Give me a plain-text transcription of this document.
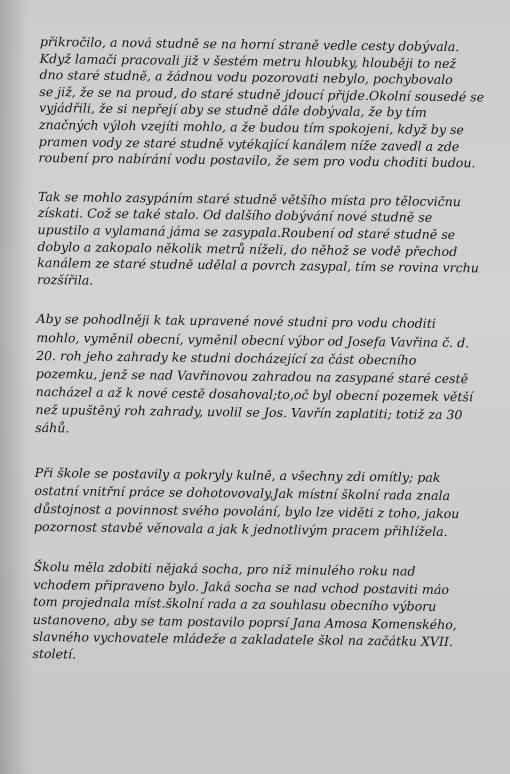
přikročilo, a nová studně se na horní straně vedle cesty dobývala.
Když lamači pracovali již v šestém metru hloubky, hlouběji to než
dno staré studně, a žádnou vodu pozorovati nebylo, pochybovalo
se již, že se na proud, do staré studně jdoucí přijde.Okolní sousedé se
vyjádřili, že si nepřejí aby se studně dále dobývala, že by tím
značných výloh vzejíti mohlo, a že budou tím spokojeni, když by se
pramen vody ze staré studně vytékající kanálem níže zavedl a zde
roubení pro nabírání vodu postavilo, že sem pro vodu choditi budou.

Tak se mohlo zasypáním staré studně většího místa pro tělocvičnu
získati. Což se také stalo. Od dalšího dobývání nové studně se
upustilo a vylamaná jáma se zasypala.Roubení od staré studně se
dobylo a zakopalo několik metrů níželi, do něhož se vodě přechod
kanálem ze staré studně udělal a povrch zasypal, tím se rovina vrchu
rozšířila.

Aby se pohodlněji k tak upravené nové studni pro vodu choditi
mohlo, vyměnil obecní, vyměnil obecní výbor od Josefa Vavřina č. d.
20. roh jeho zahrady ke studni docházející za část obecního
pozemku, jenž se nad Vavřinovou zahradou na zasypané staré cestě
nacházel a až k nové cestě dosahoval;to,oč byl obecní pozemek větší
než upuštěný roh zahrady, uvolil se Jos. Vavřín zaplatiti; totiž za 30
sáhů.

Při škole se postavily a pokryly kulně, a všechny zdi omítly; pak
ostatní vnitřní práce se dohotovovaly.Jak místní školní rada znala
důstojnost a povinnost svého povolání, bylo lze viděti z toho, jakou
pozornost stavbě věnovala a jak k jednotlivým pracem přihlížela.

Školu měla zdobiti nějaká socha, pro niž minulého roku nad
vchodem připraveno bylo. Jaká socha se nad vchod postaviti máo
tom projednala míst.školní rada a za souhlasu obecního výboru
ustanoveno, aby se tam postavilo poprsí Jana Amosa Komenského,
slavného vychovatele mládeže a zakladatele škol na začátku XVII.
století.
